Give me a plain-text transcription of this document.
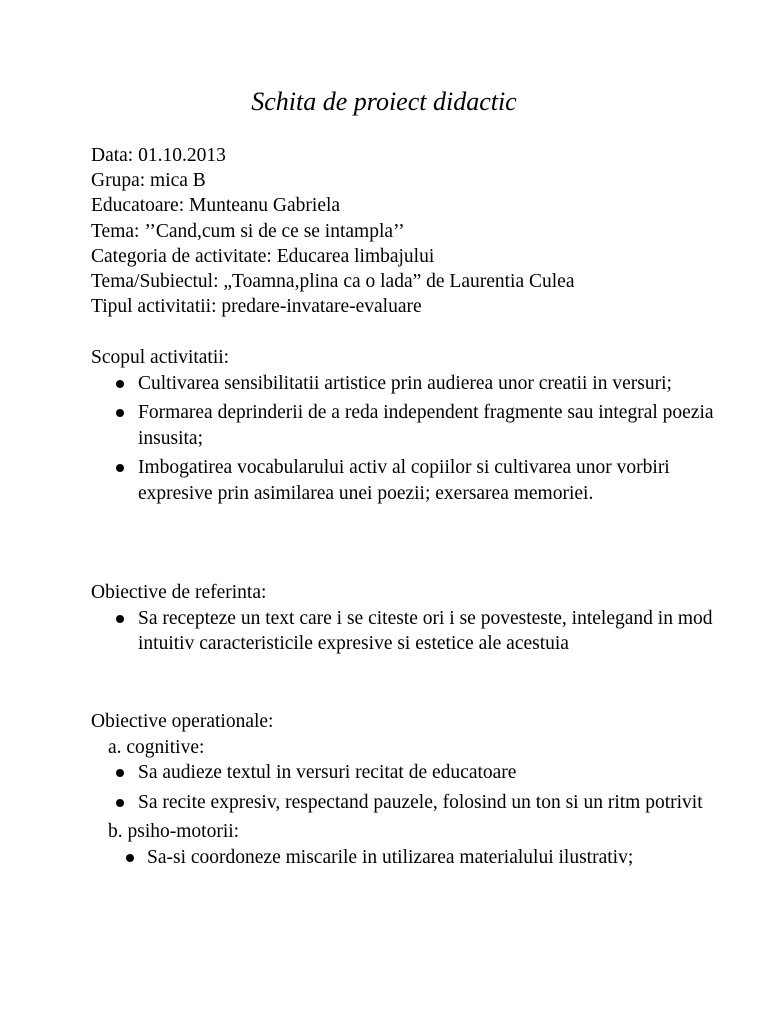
Schita de proiect didactic
Data: 01.10.2013
Grupa: mica B
Educatoare: Munteanu Gabriela
Tema: ’’Cand,cum si de ce se intampla’’
Categoria de activitate: Educarea limbajului
Tema/Subiectul: „Toamna,plina ca o lada” de Laurentia Culea
Tipul activitatii: predare-invatare-evaluare
Scopul activitatii:
Cultivarea sensibilitatii artistice prin audierea unor creatii in versuri;
Formarea deprinderii de a reda independent fragmente sau integral poezia insusita;
Imbogatirea vocabularului activ al copiilor si cultivarea unor vorbiri expresive prin asimilarea unei poezii; exersarea memoriei.
Obiective de referinta:
Sa recepteze un text care i se citeste ori i se povesteste, intelegand in mod intuitiv caracteristicile expresive si estetice ale acestuia
Obiective operationale:
a. cognitive:
Sa audieze textul in versuri recitat de educatoare
Sa recite expresiv, respectand pauzele, folosind un ton si un ritm potrivit
b. psiho-motorii:
Sa-si coordoneze miscarile in utilizarea materialului ilustrativ;
